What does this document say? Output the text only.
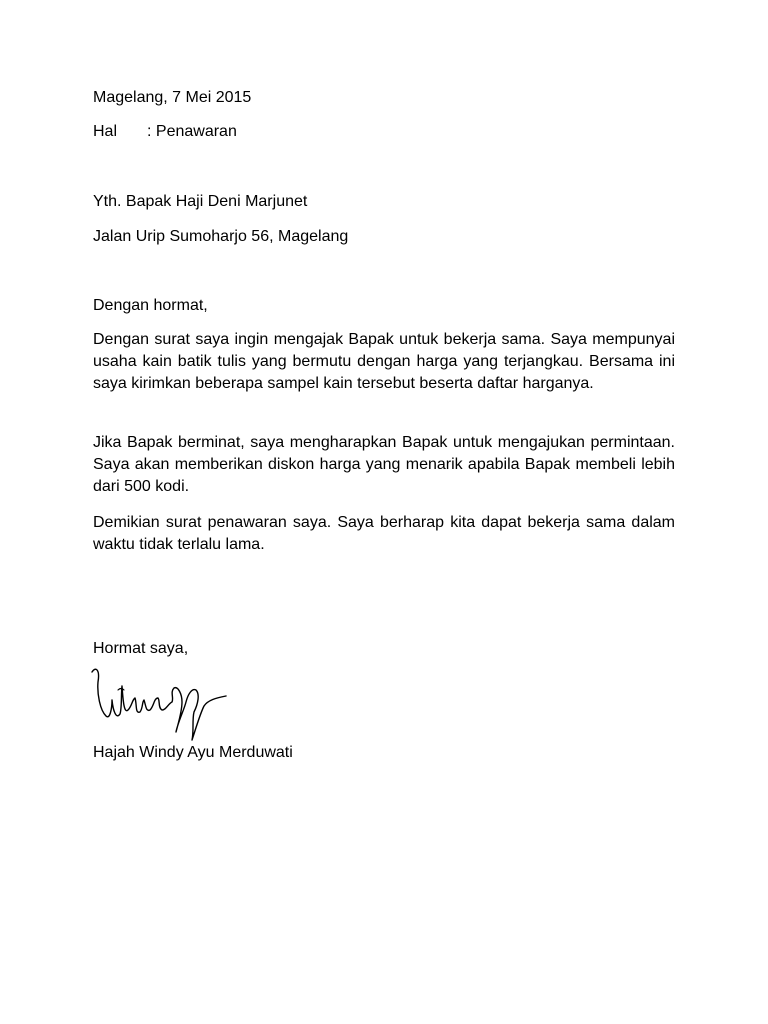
Magelang, 7 Mei 2015
Hal : Penawaran
Yth. Bapak Haji Deni Marjunet
Jalan Urip Sumoharjo 56, Magelang
Dengan hormat,

Dengan surat saya ingin mengajak Bapak untuk bekerja sama. Saya mempunyai usaha kain batik tulis yang bermutu dengan harga yang terjangkau. Bersama ini saya kirimkan beberapa sampel kain tersebut beserta daftar harganya.

Jika Bapak berminat, saya mengharapkan Bapak untuk mengajukan permintaan. Saya akan memberikan diskon harga yang menarik apabila Bapak membeli lebih dari 500 kodi.

Demikian surat penawaran saya. Saya berharap kita dapat bekerja sama dalam waktu tidak terlalu lama.

Hormat saya,
Hajah Windy Ayu Merduwati
